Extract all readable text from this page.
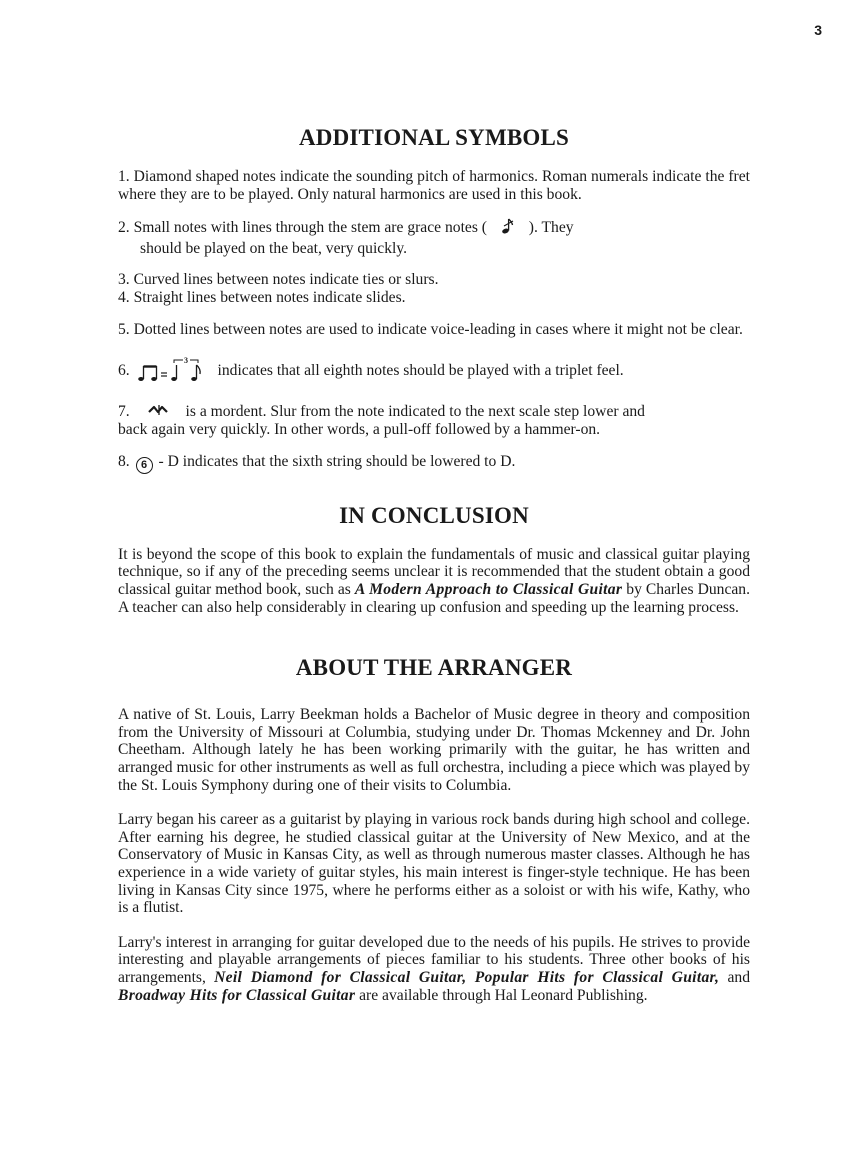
3
ADDITIONAL SYMBOLS

1. Diamond shaped notes indicate the sounding pitch of harmonics. Roman numerals indicate the fret where they are to be played. Only natural harmonics are used in this book.

2. Small notes with lines through the stem are grace notes (	). They
should be played on the beat, very quickly.
3. Curved lines between notes indicate ties or slurs.
4. Straight lines between notes indicate slides.

5. Dotted lines between notes are used to indicate voice-leading in cases where it might not be clear.

6.
3
indicates that all eighth notes should be played with a triplet feel.
7.	is a mordent. Slur from the note indicated to the next scale step lower and
back again very quickly. In other words, a pull-off followed by a hammer-on.
8. 6 - D indicates that the sixth string should be lowered to D.
IN CONCLUSION

It is beyond the scope of this book to explain the fundamentals of music and classical guitar playing technique, so if any of the preceding seems unclear it is recommended that the student obtain a good classical guitar method book, such as A Modern Approach to Classical Guitar by Charles Duncan. A teacher can also help considerably in clearing up confusion and speeding up the learning process.

ABOUT THE ARRANGER

A native of St. Louis, Larry Beekman holds a Bachelor of Music degree in theory and composition from the University of Missouri at Columbia, studying under Dr. Thomas Mckenney and Dr. John Cheetham. Although lately he has been working primarily with the guitar, he has written and arranged music for other instruments as well as full orchestra, including a piece which was played by the St. Louis Symphony during one of their visits to Columbia.

Larry began his career as a guitarist by playing in various rock bands during high school and college. After earning his degree, he studied classical guitar at the University of New Mexico, and at the Conservatory of Music in Kansas City, as well as through numerous master classes. Although he has experience in a wide variety of guitar styles, his main interest is finger-style technique. He has been living in Kansas City since 1975, where he performs either as a soloist or with his wife, Kathy, who is a flutist.

Larry's interest in arranging for guitar developed due to the needs of his pupils. He strives to provide interesting and playable arrangements of pieces familiar to his students. Three other books of his arrangements, Neil Diamond for Classical Guitar, Popular Hits for Classical Guitar, and Broadway Hits for Classical Guitar are available through Hal Leonard Publishing.
